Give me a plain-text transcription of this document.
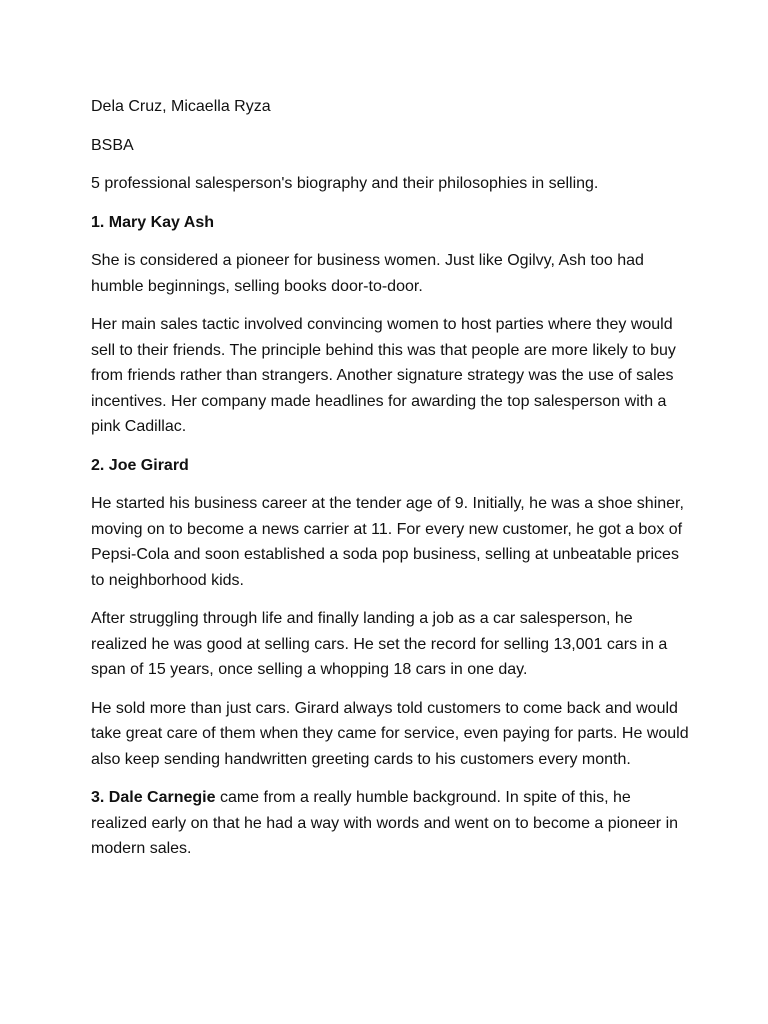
Dela Cruz, Micaella Ryza

BSBA

5 professional salesperson's biography and their philosophies in selling.

1. Mary Kay Ash

She is considered a pioneer for business women. Just like Ogilvy, Ash too had humble beginnings, selling books door-to-door.

Her main sales tactic involved convincing women to host parties where they would sell to their friends. The principle behind this was that people are more likely to buy from friends rather than strangers. Another signature strategy was the use of sales incentives. Her company made headlines for awarding the top salesperson with a pink Cadillac.

2. Joe Girard

He started his business career at the tender age of 9. Initially, he was a shoe shiner, moving on to become a news carrier at 11. For every new customer, he got a box of Pepsi-Cola and soon established a soda pop business, selling at unbeatable prices to neighborhood kids.

After struggling through life and finally landing a job as a car salesperson, he realized he was good at selling cars. He set the record for selling 13,001 cars in a span of 15 years, once selling a whopping 18 cars in one day.

He sold more than just cars. Girard always told customers to come back and would take great care of them when they came for service, even paying for parts. He would also keep sending handwritten greeting cards to his customers every month.

3. Dale Carnegie came from a really humble background. In spite of this, he realized early on that he had a way with words and went on to become a pioneer in modern sales.
